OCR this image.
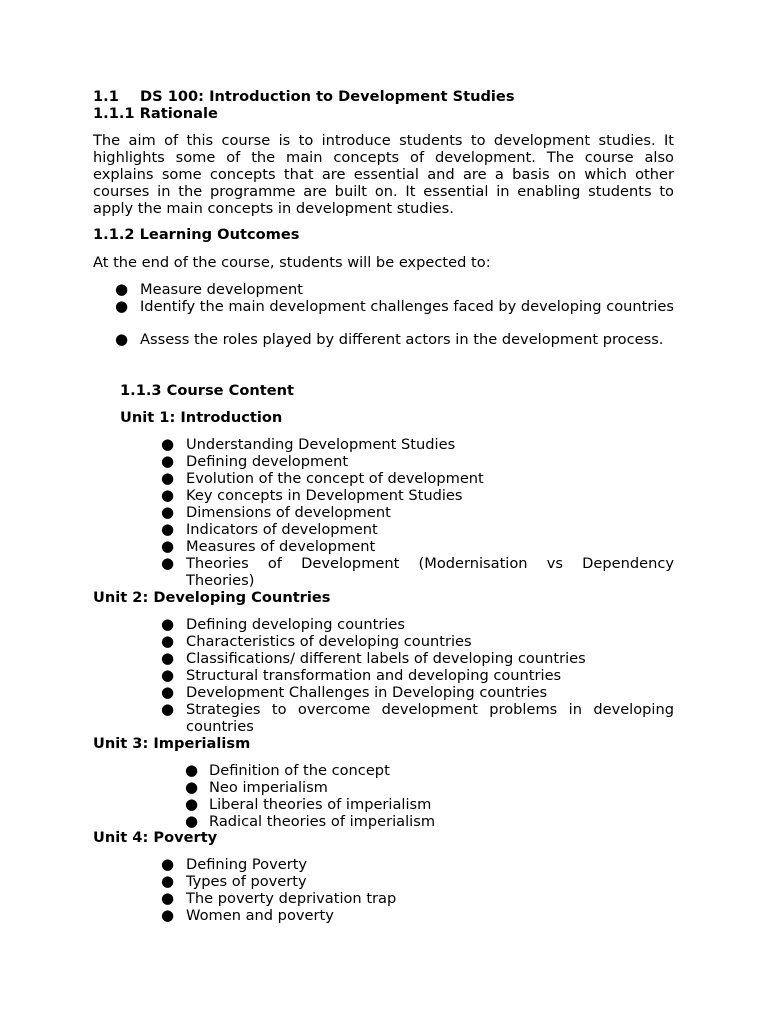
1.1 DS 100: Introduction to Development Studies
1.1.1 Rationale

The aim of this course is to introduce students to development studies. It highlights some of the main concepts of development. The course also explains some concepts that are essential and are a basis on which other courses in the programme are built on. It essential in enabling students to apply the main concepts in development studies.

1.1.2 Learning Outcomes
At the end of the course, students will be expected to:
● Measure development
● Identify the main development challenges faced by developing countries
● Assess the roles played by different actors in the development process.
1.1.3 Course Content
Unit 1: Introduction
● Understanding Development Studies
● Defining development
● Evolution of the concept of development
● Key concepts in Development Studies
● Dimensions of development
● Indicators of development
● Measures of development
● Theories of Development (Modernisation vs Dependency Theories)
Unit 2: Developing Countries
● Defining developing countries
● Characteristics of developing countries
● Classifications/ different labels of developing countries
● Structural transformation and developing countries
● Development Challenges in Developing countries
● Strategies to overcome development problems in developing countries
Unit 3: Imperialism
● Definition of the concept
● Neo imperialism
● Liberal theories of imperialism
● Radical theories of imperialism
Unit 4: Poverty
● Defining Poverty
● Types of poverty
● The poverty deprivation trap
● Women and poverty
